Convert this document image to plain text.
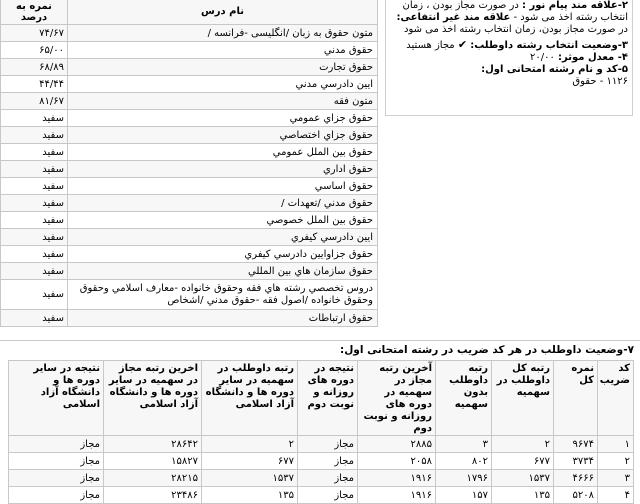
۲-علاقه مند پیام نور : در صورت مجاز بودن ، زمان انتخاب رشته اخذ می شود - علاقه مند غیر انتفاعی: در صورت مجاز بودن، زمان انتخاب رشته اخذ می شود
۳-وضعیت انتخاب رشته داوطلب: ✔ مجاز هستید
۴- معدل موثر: ۲۰/۰۰
۵-کد و نام رشته امتحانی اول:
۱۱۲۶ - حقوق
نام درس	نمره به درصد
متون حقوق به زبان /انگلیسی -فرانسه /	۷۴/۶۷
حقوق مدني	۶۵/۰۰
حقوق تجارت	۶۸/۸۹
ايين دادرسي مدني	۴۴/۴۴
متون فقه	۸۱/۶۷
حقوق جزاي عمومي	سفید
حقوق جزاي اختصاصي	سفید
حقوق بين الملل عمومي	سفید
حقوق اداري	سفید
حقوق اساسي	سفید
حقوق مدني /تعهدات /	سفید
حقوق بين الملل خصوصي	سفید
ايين دادرسي كيفري	سفید
حقوق جزاوايين دادرسي كيفري	سفید
حقوق سازمان هاي بين المللي	سفید
دروس تخصصي رشته هاي فقه وحقوق خانواده -معارف اسلامي وحقوق وحقوق خانواده /اصول فقه -حقوق مدني /اشخاص	سفید
حقوق ارتباطات	سفید
۷-وضعیت داوطلب در هر کد ضریب در رشته امتحانی اول:
کد ضریب	نمره کل	رتبه کل داوطلب در سهمیه	رتبه داوطلب بدون سهمیه	آخرین رتبه مجاز در سهمیه در دوره های روزانه و نوبت دوم	نتیجه در دوره های روزانه و نوبت دوم	رتبه داوطلب در سهمیه در سایر دوره ها و دانشگاه آزاد اسلامی	اخرین رتبه مجاز در سهمیه در سایر دوره ها و دانشگاه آزاد اسلامی	نتیجه در سایر دوره ها و دانشگاه آزاد اسلامی
۱	۹۶۷۴	۲	۳	۲۸۸۵	مجاز	۲	۲۸۶۴۲	مجاز
۲	۳۷۳۴	۶۷۷	۸۰۲	۲۰۵۸	مجاز	۶۷۷	۱۵۸۲۷	مجاز
۳	۴۶۶۶	۱۵۳۷	۱۷۹۶	۱۹۱۶	مجاز	۱۵۳۷	۲۸۲۱۵	مجاز
۴	۵۲۰۸	۱۳۵	۱۵۷	۱۹۱۶	مجاز	۱۳۵	۲۳۴۸۶	مجاز
